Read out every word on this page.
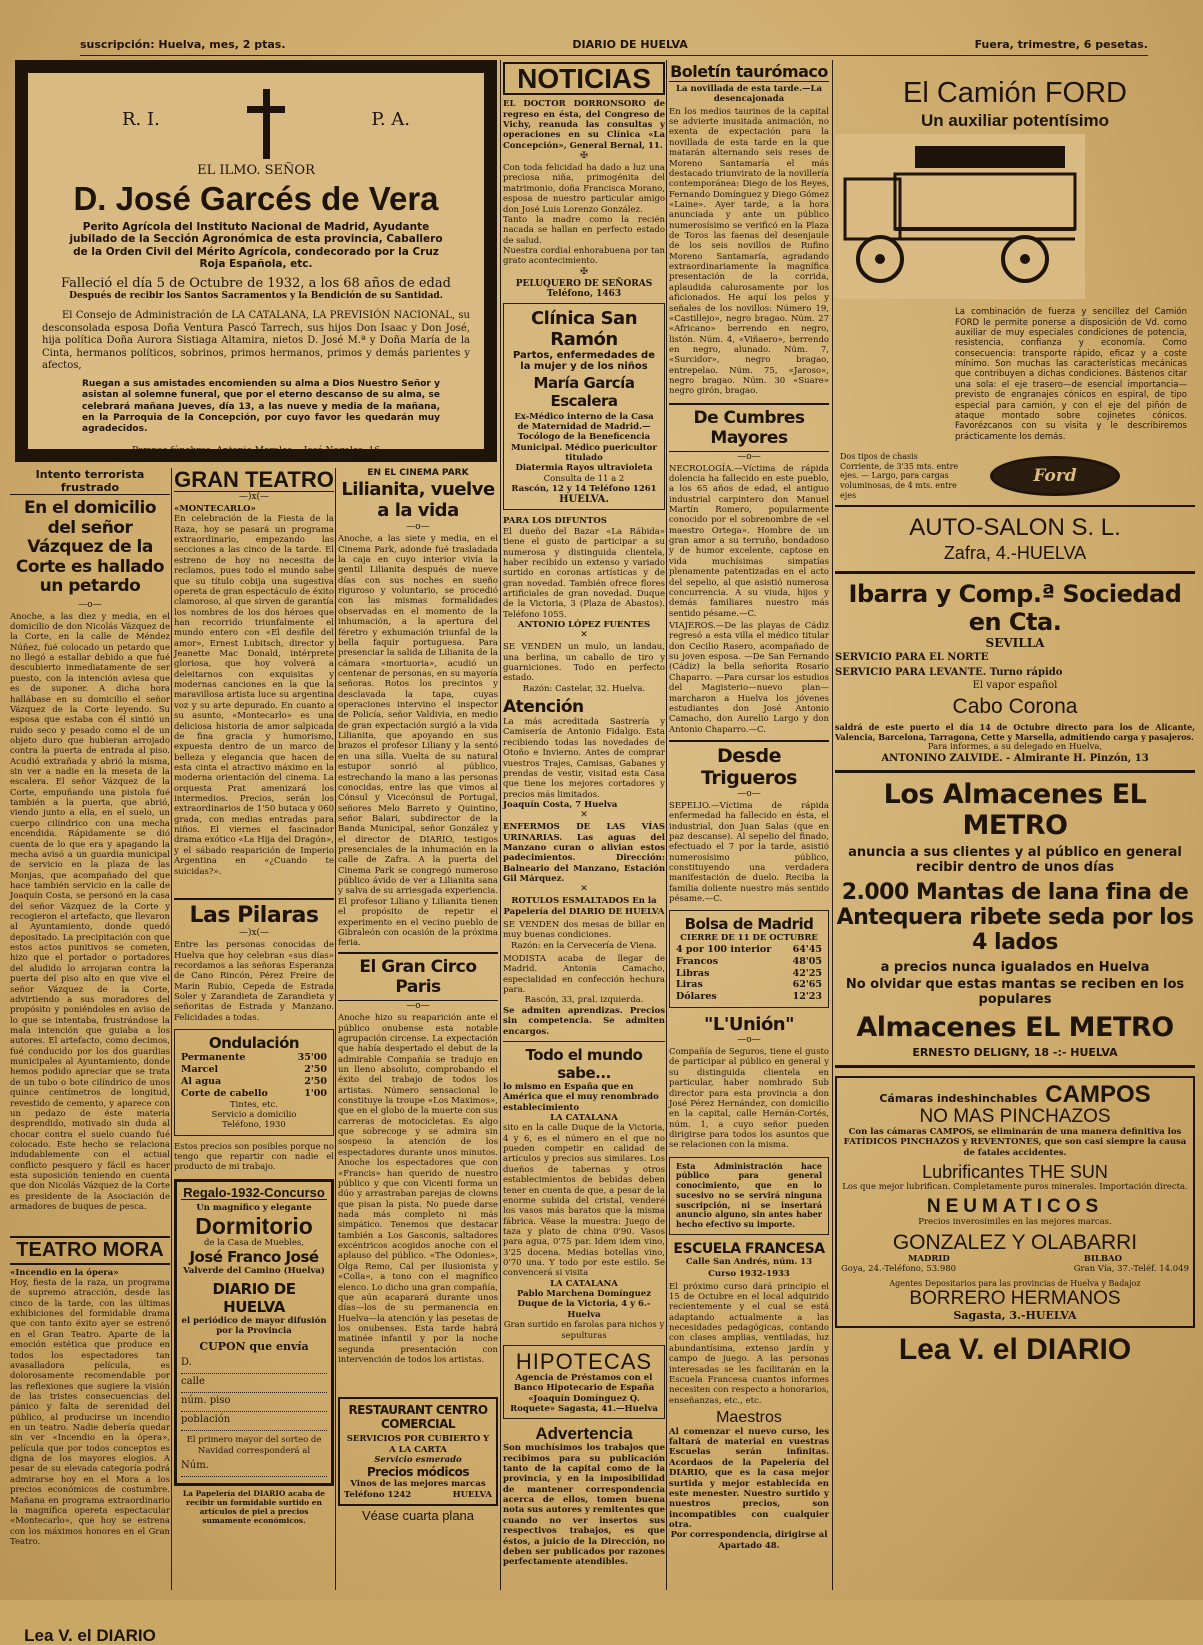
suscripción: Huelva, mes, 2 ptas.	DIARIO DE HUELVA	Fuera, trimestre, 6 pesetas.
R. I.	P. A.
EL ILMO. SEÑOR
D. José Garcés de Vera
Perito Agrícola del Instituto Nacional de Madrid, Ayudante jubilado de la Sección Agronómica de esta provincia, Caballero de la Orden Civil del Mérito Agrícola, condecorado por la Cruz Roja Española, etc.
Falleció el día 5 de Octubre de 1932, a los 68 años de edad
Después de recibir los Santos Sacramentos y la Bendición de su Santidad.
El Consejo de Administración de LA CATALANA, LA PREVISIÓN NACIONAL, su desconsolada esposa Doña Ventura Pascó Tarrech, sus hijos Don Isaac y Don José, hija política Doña Aurora Sistiaga Altamira, nietos D. José M.ª y Doña María de la Cinta, hermanos políticos, sobrinos, primos hermanos, primos y demás parientes y afectos,
Ruegan a sus amistades encomienden su alma a Dios Nuestro Señor y asistan al solemne funeral, que por el eterno descanso de su alma, se celebrará mañana Jueves, día 13, a las nueve y media de la mañana, en la Parroquia de la Concepción, por cuyo favor les quedarán muy agradecidos.
Pompas fúnebres: Antonio Morales.—José Nogales, 16
NOTICIAS
EL DOCTOR DORRONSORO de regreso en ésta, del Congreso de Vichy, reanuda las consultas y operaciones en su Clínica «La Concepción», General Bernal, 11.
✠
Con toda felicidad ha dado a luz una preciosa niña, primogénita del matrimonio, doña Francisca Morano, esposa de nuestro particular amigo don José Luis Lorenzo González.
Tanto la madre como la recién nacada se hallan en perfecto estado de salud.
Nuestra cordial enhorabuena por tan grato acontecimiento.
✠
PELUQUERO DE SEÑORAS Teléfono, 1463
Clínica San Ramón
Partos, enfermedades de la mujer y de los niños
María García Escalera
Ex-Médico interno de la Casa de Maternidad de Madrid.—Tocólogo de la Beneficencia Municipal. Médico puericultor titulado
Diatermia Rayos ultravioleta
Consulta de 11 a 2
Rascón, 12 y 14 Teléfono 1261
HUELVA.
PARA LOS DIFUNTOS
El dueño del Bazar «La Rábida» tiene el gusto de participar a su numerosa y distinguida clientela, haber recibido un extenso y variado surtido en coronas artísticas y de gran novedad. También ofrece flores artificiales de gran novedad. Duque de la Victoria, 3 (Plaza de Abastos). Teléfono 1055.
ANTONIO LÓPEZ FUENTES
✕
SE VENDEN un mulo, un landau, una berlina, un caballo de tiro y guarniciones. Todo en perfecto estado.
Razón: Castelar, 32. Huelva.
Atención
La más acreditada Sastrería y Camisería de Antonio Fidalgo. Esta recibiendo todas las novedades de Otoño e Invierno. Antes de comprar vuestros Trajes, Camisas, Gabanes y prendas de vestir, visitad esta Casa que tiene los mejores cortadores y precios más limitados.
Joaquín Costa, 7 Huelva
✕
ENFERMOS DE LAS VÍAS URINARIAS. Las aguas del Manzano curan o alivian estos padecimientos. Dirección: Balneario del Manzano, Estación Gil Márquez.
✕
ROTULOS ESMALTADOS En la Papelería del DIARIO DE HUELVA
SE VENDEN dos mesas de billar en muy buenas condiciones.
Razón: en la Cervecería de Viena.
MODISTA acaba de llegar de Madrid. Antonia Camacho, especialidad en confección hechura para.
Rascón, 33, pral. izquierda.
Se admiten aprendizas. Precios sin competencia. Se admiten encargos.
Todo el mundo sabe...
lo mismo en España que en América que el muy renombrado establecimiento
LA CATALANA
sito en la calle Duque de la Victoria, 4 y 6, es el número en el que no pueden competir en calidad de artículos y precios sus similares. Los dueños de tabernas y otros establecimientos de bebidas deben tener en cuenta de que, a pesar de la enorme subida del cristal, venderé los vasos más baratos que la misma fábrica. Véase la muestra: Juego de taza y plato de china 0'90. Vasos para agua, 0'75 par. Idem idem vino, 3'25 docena. Medias botellas vino, 0'70 una. Y todo por este estilo. Se convencerá si visita
LA CATALANA
Pablo Marchena Domínguez
Duque de la Victoria, 4 y 6.-Huelva
Gran surtido en farolas para nichos y sepulturas
HIPOTECAS
Agencia de Préstamos con el Banco Hipotecario de España «Joaquín Domínguez Q. Roquete» Sagasta, 41.—Huelva
Advertencia
Son muchísimos los trabajos que recibimos para su publicación tanto de la capital como de la provincia, y en la imposibilidad de mantener correspondencia acerca de ellos, tomen buena nota sus autores y remitentes que cuando no ver insertos sus respectivos trabajos, es que éstos, a juicio de la Dirección, no deben ser publicados por razones perfectamente atendibles.
Boletín taurómaco
La novillada de esta tarde.—La desencajonada
En los medios taurinos de la capital se advierte inusitada animación, no exenta de expectación para la novillada de esta tarde en la que matarán alternando seis reses de Moreno Santamaría el más destacado triunvirato de la novillería contemporánea: Diego de los Reyes, Fernando Domínguez y Diego Gómez «Laine». Ayer tarde, a la hora anunciada y ante un público numerosísimo se verificó en la Plaza de Toros las faenas del desenjaule de los seis novillos de Rufino Moreno Santamaría, agradando extraordinariamente la magnífica presentación de la corrida, aplaudida calurosamente por los aficionados. He aquí los pelos y señales de los novillos: Número 19, «Castillejo», negro bragao. Núm. 27 «Africano» berrendo en negro, listón. Núm. 4, «Viñaero», berrendo en negro, alunado. Núm. 7, «Surcidor», negro bragao, entrepelao. Núm. 75, «Jaroso», negro bragao. Núm. 30 «Suare» negro girón, bragao.
De Cumbres Mayores
—o—
NECROLOGÍA.—Víctima de rápida dolencia ha fallecido en este pueblo, a los 65 años de edad, el antiguo industrial carpintero don Manuel Martín Romero, popularmente conocido por el sobrenombre de «el maestro Ortega». Hombre de un gran amor a su terruño, bondadoso y de humor excelente, captose en vida muchísimas simpatías plenamente patentizadas en el acto del sepelio, al que asistió numerosa concurrencia. A su viuda, hijos y demás familiares nuestro más sentido pésame.—C.
VIAJEROS.—De las playas de Cádiz regresó a esta villa el médico titular don Cecilio Rasero, acompañado de su joven esposa. —De San Fernando (Cádiz) la bella señorita Rosario Chaparro. —Para cursar los estudios del Magisterio—nuevo plan— marcharon a Huelva los jóvenes estudiantes don José Antonio Camacho, don Aurelio Largo y don Antonio Chaparro.—C.
Desde Trigueros
—o—
SEPELIO.—Víctima de rápida enfermedad ha fallecido en ésta, el industrial, don Juan Salas (que en paz descanse). Al sepelio del finado, efectuado el 7 por la tarde, asistió numerosísimo público, constituyendo una verdadera manifestación de duelo. Reciba la familia doliente nuestro más sentido pésame.—C.
Bolsa de Madrid
CIERRE DE 11 DE OCTUBRE
4 por 100 interior 64'45
Francos	48'05
Libras	42'25
Liras	62'65
Dólares	12'23
"L'Unión"
—o—
Compañía de Seguros, tiene el gusto de participar al público en general y su distinguida clientela en particular, haber nombrado Sub director para esta provincia a don José Pérez Hernández, con domicilio en la capital, calle Hernán-Cortés, núm. 1, a cuyo señor pueden dirigirse para todos los asuntos que se relacionen con la misma.
Esta Administración hace público para general conocimiento, que en lo sucesivo no se servirá ninguna suscripción, ni se insertará anuncio alguno, sin antes haber hecho efectivo su importe.
ESCUELA FRANCESA
Calle San Andrés, núm. 13
Curso 1932-1933
El próximo curso dará principio el 15 de Octubre en el local adquirido recientemente y el cual se está adaptando actualmente a las necesidades pedagógicas, contando con clases amplias, ventiladas, luz abundantísima, extenso jardín y campo de juego. A las personas interesadas se les facilitarán en la Escuela Francesa cuantos informes necesiten con respecto a honorarios, enseñanzas, etc., etc.
Maestros
Al comenzar el nuevo curso, les faltará de material en vuestras Escuelas serán infinitas. Acordaos de la Papelería del DIARIO, que es la casa mejor surtida y mejor establecida en este menester. Nuestro surtido y nuestros precios, son incompatibles con cualquier otra.
Por correspondencia, dirigirse al Apartado 48.
Intento terrorista frustrado
En el domicilio del señor Vázquez de la Corte es hallado un petardo
—o—
Anoche, a las diez y media, en el domicilio de don Nicolás Vázquez de la Corte, en la calle de Méndez Núñez, fué colocado un petardo que no llegó a estallar debido a que fué descubierto inmediatamente de ser puesto, con la intención aviesa que es de suponer. A dicha hora hallábase en su domicilio el señor Vázquez de la Corte leyendo. Su esposa que estaba con él sintió un ruido seco y pesado como el de un objeto duro que hubieran arrojado contra la puerta de entrada al piso. Acudió extrañada y abrió la misma, sin ver a nadie en la meseta de la escalera. El señor Vázquez de la Corte, empuñando una pistola fué también a la puerta, que abrió, viendo junto a ella, en el suelo, un cuerpo cilíndrico con una mecha encendida. Rápidamente se dió cuenta de lo que era y apagando la mecha avisó a un guardia municipal de servicio en la plaza de las Monjas, que acompañado del que hace también servicio en la calle de Joaquín Costa, se personó en la casa del señor Vázquez de la Corte y recogieron el artefacto, que llevaron al Ayuntamiento, donde quedó depositado. La precipitación con que estos actos punitivos se cometen, hizo que el portador o portadores del aludido lo arrojaran contra la puerta del piso alto en que vive el señor Vázquez de la Corte, advirtiendo a sus moradores del propósito y poniéndoles en aviso de lo que se intentaba, frustrándose la mala intención que guiaba a los autores. El artefacto, como decimos, fué conducido por los dos guardias municipales al Ayuntamiento, donde hemos podido apreciar que se trata de un tubo o bote cilíndrico de unos quince centímetros de longitud, revestido de cemento, y aparece con un pedazo de éste materia desprendido, motivado sin duda al chocar contra el suelo cuando fué colocado. Este hecho se relaciona indudablemente con el actual conflicto pesquero y fácil es hacer esta suposición teniendo en cuenta que don Nicolás Vázquez de la Corte es presidente de la Asociación de armadores de buques de pesca.
TEATRO MORA
«Incendio en la ópera»
Hoy, fiesta de la raza, un programa de supremo atracción, desde las cinco de la tarde, con las últimas exhibiciones del formidable drama que con tanto éxito ayer se estrenó en el Gran Teatro. Aparte de la emoción estética que produce en todos los espectadores tan avasalladora película, es dolorosamente recomendable por las reflexiones que sugiere la visión de las tristes consecuencias del pánico y falta de serenidad del público, al producirse un incendio en un teatro. Nadie debería quedar sin ver «Incendio en la ópera», película que por todos conceptos es digna de los mayores elogios. A pesar de su elevada categoría podrá admirarse hoy en el Mora a los precios económicos de costumbre. Mañana en programa extraordinario la magnífica opereta espectacular «Montecarlo», que hoy se estrena con los máximos honores en el Gran Teatro.
Lea V. el DIARIO
GRAN TEATRO
—)x(—
«MONTECARLO»
En celebración de la Fiesta de la Raza, hoy se pasará un programa extraordinario, empezando las secciones a las cinco de la tarde. El estreno de hoy no necesita de reclamos, pues todo el mundo sabe que su título cobija una sugestiva opereta de gran espectáculo de éxito clamoroso, al que sirven de garantía los nombres de los dos héroes que han recorrido triunfalmente el mundo entero con «El desfile del amor», Ernest Lubitsch, director y Jeanette Mac Donald, intérprete gloriosa, que hoy volverá a deleitarnos con exquisitas y modernas canciones en la que la maravillosa artista luce su argentina voz y su arte depurado. En cuanto a su asunto, «Montecarlo» es una deliciosa historia de amor salpicada de fina gracia y humorismo, expuesta dentro de un marco de belleza y elegancia que hacen de esta cinta el atractivo máximo en la moderna orientación del cinema. La orquesta Prat amenizará los intermedios. Precios, serán los extraordinarios de 1'50 butaca y 060 grada, con medias entradas para niños. El viernes el fascinador drama exótico «La Hija del Dragón», y el sábado reaparición de Imperio Argentina en «¿Cuando te suicidas?».
Las Pilaras
—)x(—
Entre las personas conocidas de Huelva que hoy celebran «sus días» recordamos a las señoras Esperanza de Cano Rincón, Pérez Freire de Marín Rubio, Cepeda de Estrada Soler y Zarandieta de Zarandieta y señoritas de Estrada y Manzano. Felicidades a todas.
Ondulación
Permanente	35'00
Marcel	2'50
Al agua	2'50
Corte de cabello	1'00
Tintes, etc.
Servicio a domicilio
Teléfono, 1930
Estos precios son posibles porque no tengo que repartir con nadie el producto de mi trabajo.
Regalo-1932-Concurso
Un magnífico y elegante
Dormitorio
de la Casa de Muebles,
José Franco José
Valverde del Camino (Huelva)
DIARIO DE HUELVA
el periódico de mayor difusión por la Provincia
CUPON que envía
D.
calle
núm. piso
población
El primero mayor del sorteo de Navidad corresponderá al
Núm.
La Papelería del DIARIO acaba de recibir un formidable surtido en artículos de piel a precios sumamente económicos.
EN EL CINEMA PARK
Lilianita, vuelve a la vida
—o—
Anoche, a las siete y media, en el Cinema Park, adonde fué trasladada la caja en cuyo interior vivía la gentil Lilianita después de nueve días con sus noches en sueño riguroso y voluntario, se procedió con las mismas formalidades observadas en el momento de la inhumación, a la apertura del féretro y exhumación triunfal de la bella faquir portuguesa. Para presenciar la salida de Lilianita de la cámara «mortuoria», acudió un centenar de personas, en su mayoría señoras. Rotos los precintos y desclavada la tapa, cuyas operaciones intervino el inspector de Policía, señor Valdivia, en medio de gran expectación surgió a la vida Lilianita, que apoyando en sus brazos el profesor Liliany y la sentó en una silla. Vuelta de su natural estupor sonrió al público, estrechando la mano a las personas conocidas, entre las que vimos al Cónsul y Vicecónsul de Portugal, señores Melo Barreto y Quintino, señor Balari, subdirector de la Banda Municipal, señor González y el director de DIARIO, testigos presenciales de la inhumación en la calle de Zafra. A la puerta del Cinema Park se congregó numeroso público ávido de ver a Lilianita sana y salva de su arriesgada experiencia. El profesor Liliano y Lilianita tienen el propósito de repetir el experimento en el vecino pueblo de Gibraleón con ocasión de la próxima feria.
El Gran Circo Paris
—o—
Anoche hizo su reaparición ante el público onubense esta notable agrupación circense. La expectación que había despertado el debut de la admirable Compañía se tradujo en un lleno absoluto, comprobando el éxito del trabajo de todos los artistas. Número sensacional lo constituye la troupe «Los Maximos», que en el globo de la muerte con sus carreras de motocicletas. Es algo que sobrecoge y se admira sin sospeso la atención de los espectadores durante unos minutos. Anoche los espectadores que con «Francis» han querido de nuestro público y que con Vicenti forma un dúo y arrastraban parejas de clowns que pisan la pista. No puede darse nada más completo ni más simpático. Tenemos que destacar también a Los Gasconis, saltadores excéntricos acogidos anoche con el aplauso del público. «The Odonies», Olga Remo, Cal per ilusionista y «Colla», a tono con el magnífico elenco. Lo dicho una gran compañía, que aún acaparará durante unos días—los de su permanencia en Huelva—la atención y las pesetas de los onubenses. Esta tarde habrá matinée infantil y por la noche segunda presentación con intervención de todos los artistas.
RESTAURANT CENTRO COMERCIAL
SERVICIOS POR CUBIERTO Y A LA CARTA
Servicio esmerado
Precios módicos
Vinos de las mejores marcas
Teléfono 1242	HUELVA
Véase cuarta plana
El Camión FORD
Un auxiliar potentísimo
La combinación de fuerza y sencillez del Camión FORD le permite ponerse a disposición de Vd. como auxiliar de muy especiales condiciones de potencia, resistencia, confianza y economía. Como consecuencia: transporte rápido, eficaz y a coste mínimo. Son muchas las características mecánicas que contribuyen a dichas condiciones. Bástenos citar una sola: el eje trasero—de esencial importancia—previsto de engranajes cónicos en espiral, de tipo especial para camión, y con el eje del piñón de ataque montado sobre cojinetes cónicos. Favorézcanos con su visita y le describiremos prácticamente los demás.
Dos tipos de chasis Corriente, de 3'35 mts. entre ejes. — Largo, para cargas voluminosas, de 4 mts. entre ejes
Ford
AUTO-SALON S. L.
Zafra, 4.-HUELVA
Ibarra y Comp.ª Sociedad en Cta.
SEVILLA
SERVICIO PARA EL NORTE
SERVICIO PARA LEVANTE. Turno rápido
El vapor español
Cabo Corona
saldrá de este puerto el día 14 de Octubre directo para los de Alicante, Valencia, Barcelona, Tarragona, Cette y Marsella, admitiendo carga y pasajeros.
Para informes, a su delegado en Huelva,
ANTONINO ZALVIDE. - Almirante H. Pinzón, 13
Los Almacenes EL METRO
anuncia a sus clientes y al público en general recibir dentro de unos días
2.000 Mantas de lana fina de Antequera ribete seda por los 4 lados
a precios nunca igualados en Huelva
No olvidar que estas mantas se reciben en los populares
Almacenes EL METRO
ERNESTO DELIGNY, 18 -:- HUELVA
Cámaras indeshinchables CAMPOS
NO MAS PINCHAZOS
Con las cámaras CAMPOS, se eliminarán de una manera definitiva los FATÍDICOS PINCHAZOS y REVENTONES, que son casi siempre la causa de fatales accidentes.
Lubrificantes THE SUN
Los que mejor lubrifican. Completamente puros minerales. Importación directa.
NEUMATICOS
Precios inverosímiles en las mejores marcas.
GONZALEZ Y OLABARRI
MADRID	BILBAO
Goya, 24.-Teléfono, 53.980	Gran Vía, 37.-Teléf. 14.049
Agentes Depositarios para las provincias de Huelva y Badajoz
BORRERO HERMANOS
Sagasta, 3.-HUELVA
Lea V. el DIARIO
